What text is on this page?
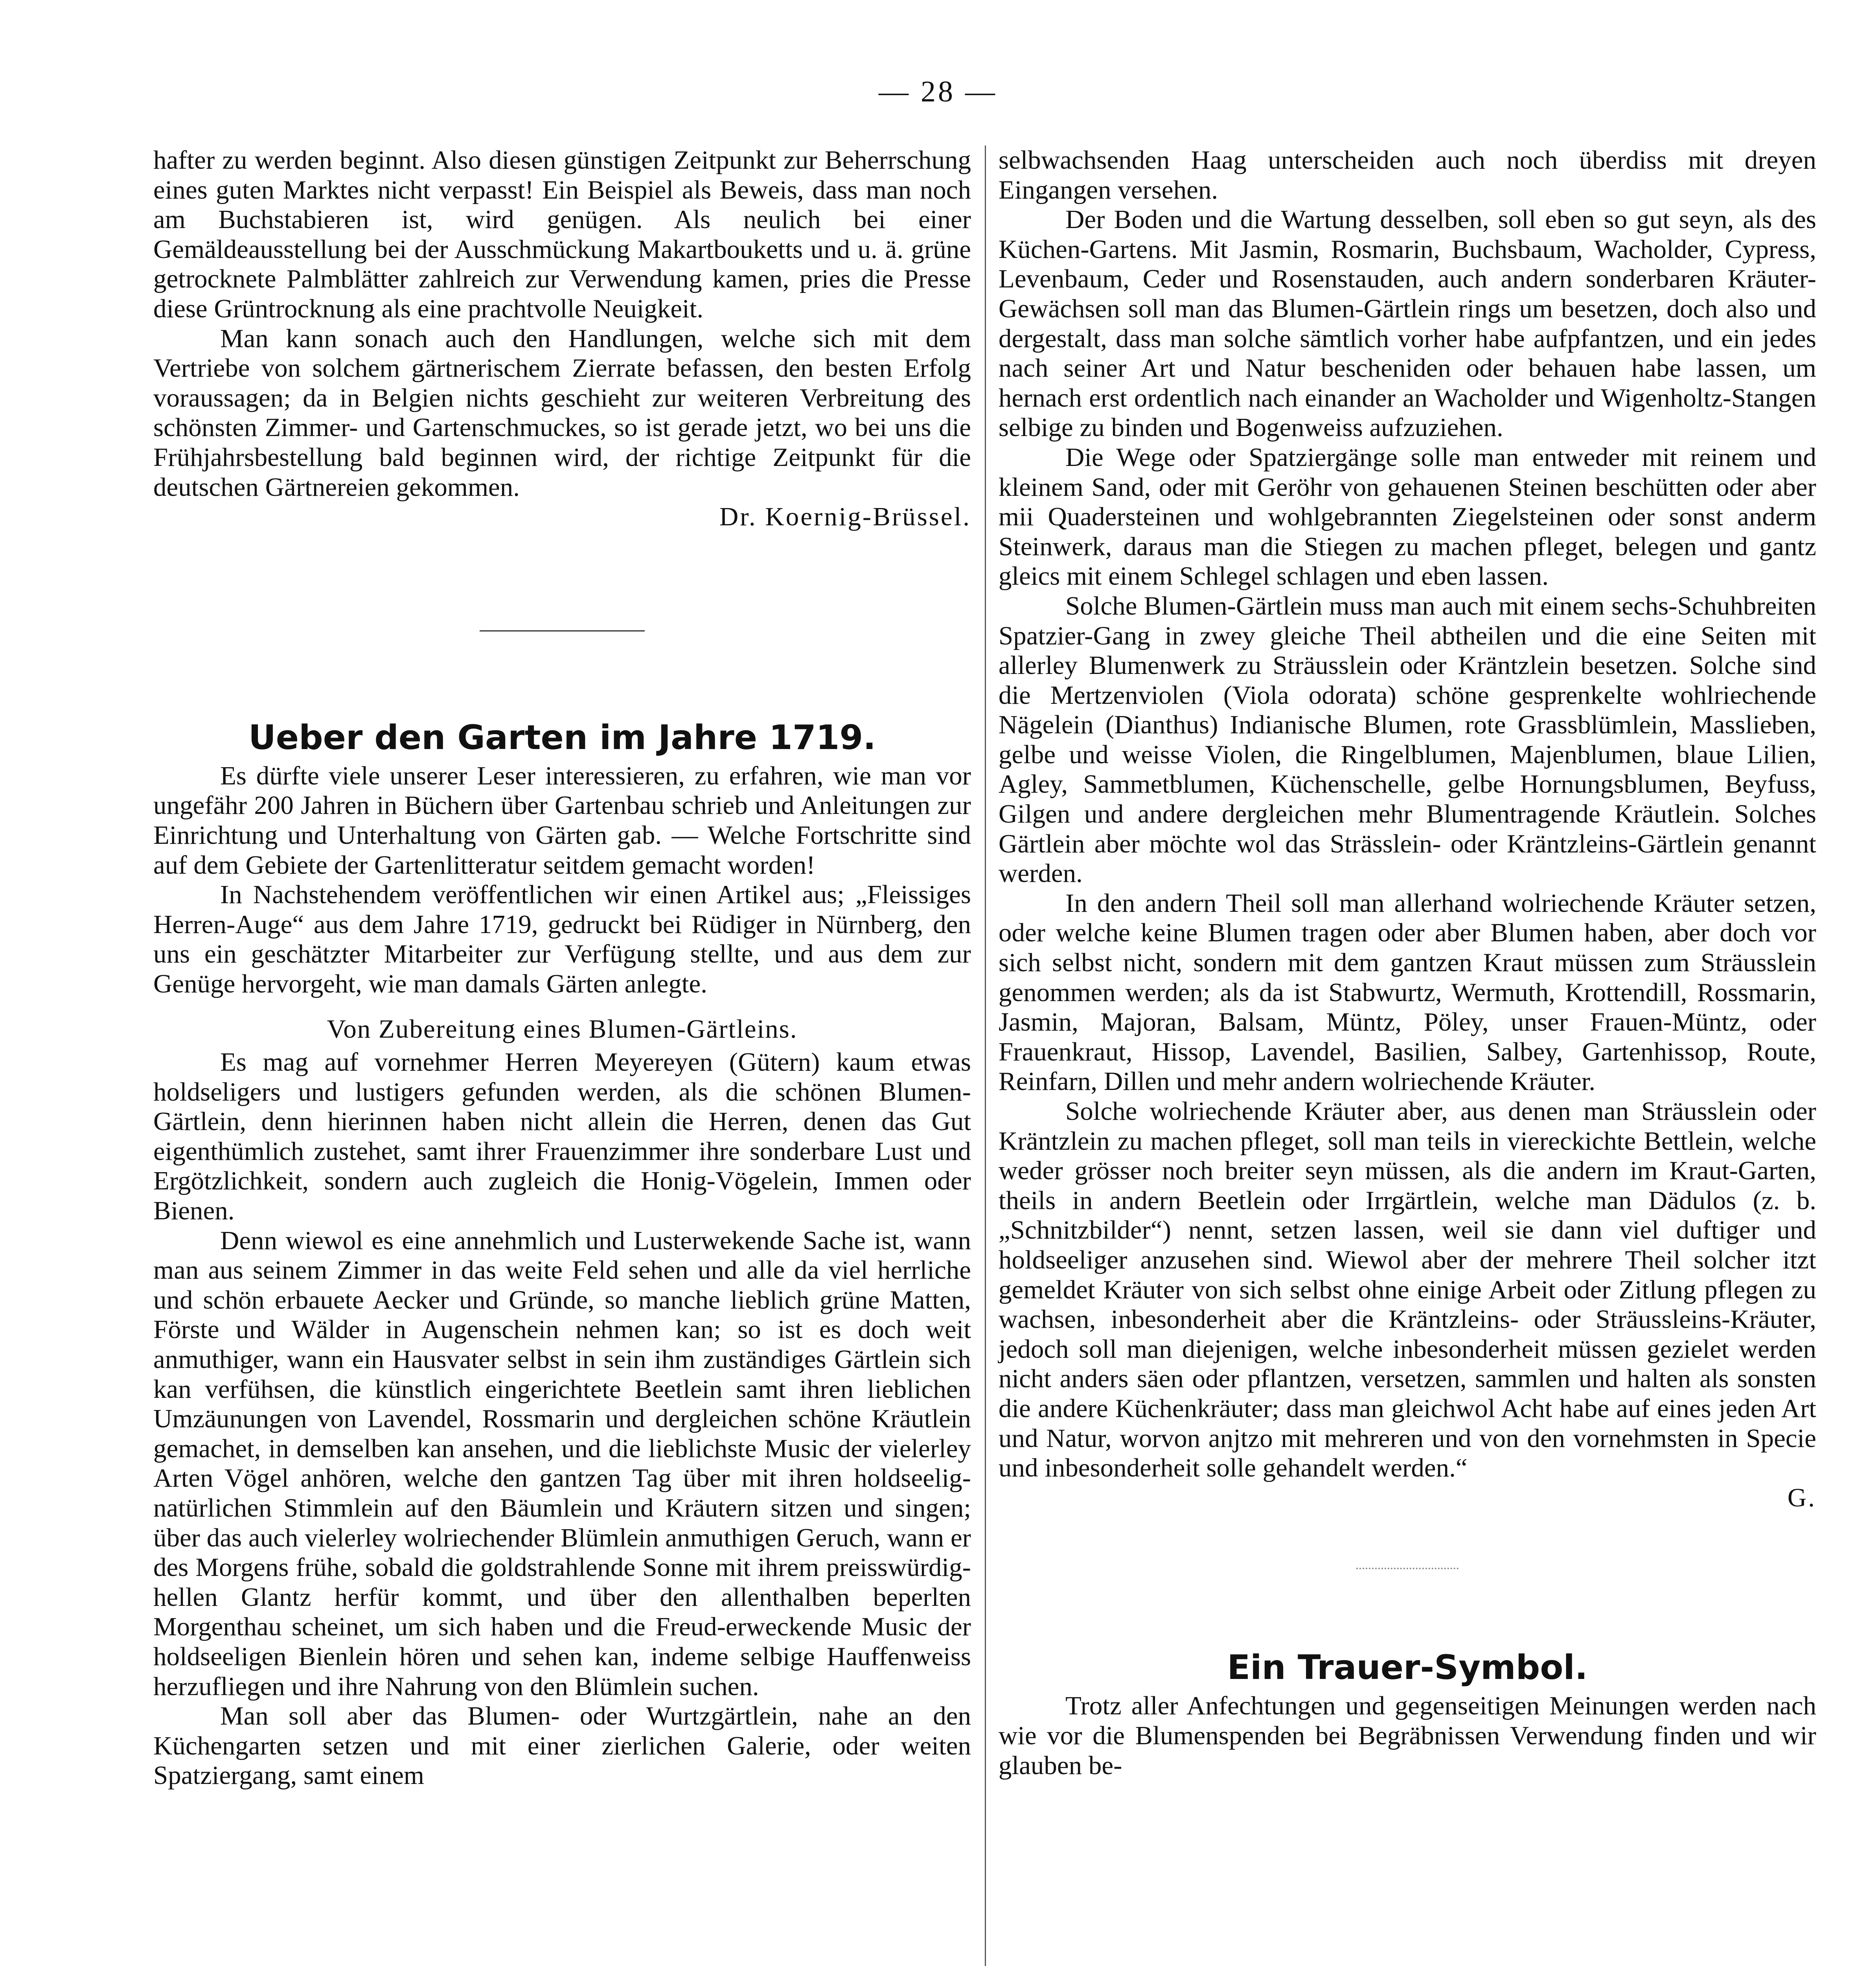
— 28 —

hafter zu werden beginnt. Also diesen günstigen Zeitpunkt zur Beherrschung eines guten Marktes nicht verpasst! Ein Beispiel als Beweis, dass man noch am Buchstabieren ist, wird genügen. Als neulich bei einer Gemäldeausstellung bei der Ausschmückung Makartbouketts und u. ä. grüne getrocknete Palmblätter zahlreich zur Verwendung kamen, pries die Presse diese Grüntrocknung als eine prachtvolle Neuigkeit.

Man kann sonach auch den Handlungen, welche sich mit dem Vertriebe von solchem gärtnerischem Zierrate befassen, den besten Erfolg voraussagen; da in Belgien nichts geschieht zur weiteren Verbreitung des schönsten Zimmer- und Gartenschmuckes, so ist gerade jetzt, wo bei uns die Frühjahrsbestellung bald beginnen wird, der richtige Zeitpunkt für die deutschen Gärtnereien gekommen.

Dr. Koernig-Brüssel.

Ueber den Garten im Jahre 1719.

Es dürfte viele unserer Leser interessieren, zu erfahren, wie man vor ungefähr 200 Jahren in Büchern über Gartenbau schrieb und Anleitungen zur Einrichtung und Unterhaltung von Gärten gab. — Welche Fortschritte sind auf dem Gebiete der Gartenlitteratur seitdem gemacht worden!

In Nachstehendem veröffentlichen wir einen Artikel aus; „Fleissiges Herren-Auge“ aus dem Jahre 1719, gedruckt bei Rüdiger in Nürnberg, den uns ein geschätzter Mitarbeiter zur Verfügung stellte, und aus dem zur Genüge hervorgeht, wie man damals Gärten anlegte.

Von Zubereitung eines Blumen-Gärtleins.

Es mag auf vornehmer Herren Meyereyen (Gütern) kaum etwas holdseligers und lustigers gefunden werden, als die schönen Blumen-Gärtlein, denn hierinnen haben nicht allein die Herren, denen das Gut eigenthümlich zustehet, samt ihrer Frauenzimmer ihre sonderbare Lust und Ergötzlichkeit, sondern auch zugleich die Honig-Vögelein, Immen oder Bienen.

Denn wiewol es eine annehmlich und Lusterwekende Sache ist, wann man aus seinem Zimmer in das weite Feld sehen und alle da viel herrliche und schön erbauete Aecker und Gründe, so manche lieblich grüne Matten, Förste und Wälder in Augenschein nehmen kan; so ist es doch weit anmuthiger, wann ein Hausvater selbst in sein ihm zuständiges Gärtlein sich kan verfühsen, die künstlich eingerichtete Beetlein samt ihren lieblichen Umzäunungen von Lavendel, Rossmarin und dergleichen schöne Kräutlein gemachet, in demselben kan ansehen, und die lieblichste Music der vielerley Arten Vögel anhören, welche den gantzen Tag über mit ihren holdseelig-natürlichen Stimmlein auf den Bäumlein und Kräutern sitzen und singen; über das auch vielerley wolriechender Blümlein anmuthigen Geruch, wann er des Morgens frühe, sobald die goldstrahlende Sonne mit ihrem preisswürdig-hellen Glantz herfür kommt, und über den allenthalben beperlten Morgenthau scheinet, um sich haben und die Freud-erweckende Music der holdseeligen Bienlein hören und sehen kan, indeme selbige Hauffenweiss herzufliegen und ihre Nahrung von den Blümlein suchen.

Man soll aber das Blumen- oder Wurtzgärtlein, nahe an den Küchengarten setzen und mit einer zierlichen Galerie, oder weiten Spatziergang, samt einem

selbwachsenden Haag unterscheiden auch noch überdiss mit dreyen Eingangen versehen.

Der Boden und die Wartung desselben, soll eben so gut seyn, als des Küchen-Gartens. Mit Jasmin, Rosmarin, Buchsbaum, Wacholder, Cypress, Levenbaum, Ceder und Rosenstauden, auch andern sonderbaren Kräuter-Gewächsen soll man das Blumen-Gärtlein rings um besetzen, doch also und dergestalt, dass man solche sämtlich vorher habe aufpfantzen, und ein jedes nach seiner Art und Natur bescheniden oder behauen habe lassen, um hernach erst ordentlich nach einander an Wacholder und Wigenholtz-Stangen selbige zu binden und Bogenweiss aufzuziehen.

Die Wege oder Spatziergänge solle man entweder mit reinem und kleinem Sand, oder mit Geröhr von gehauenen Steinen beschütten oder aber mii Quadersteinen und wohlgebrannten Ziegelsteinen oder sonst anderm Steinwerk, daraus man die Stiegen zu machen pfleget, belegen und gantz gleics mit einem Schlegel schlagen und eben lassen.

Solche Blumen-Gärtlein muss man auch mit einem sechs-Schuhbreiten Spatzier-Gang in zwey gleiche Theil abtheilen und die eine Seiten mit allerley Blumenwerk zu Sträusslein oder Kräntzlein besetzen. Solche sind die Mertzenviolen (Viola odorata) schöne gesprenkelte wohlriechende Nägelein (Dianthus) Indianische Blumen, rote Grassblümlein, Masslieben, gelbe und weisse Violen, die Ringelblumen, Majenblumen, blaue Lilien, Agley, Sammetblumen, Küchenschelle, gelbe Hornungsblumen, Beyfuss, Gilgen und andere dergleichen mehr Blumentragende Kräutlein. Solches Gärtlein aber möchte wol das Strässlein- oder Kräntzleins-Gärtlein genannt werden.

In den andern Theil soll man allerhand wolriechende Kräuter setzen, oder welche keine Blumen tragen oder aber Blumen haben, aber doch vor sich selbst nicht, sondern mit dem gantzen Kraut müssen zum Sträusslein genommen werden; als da ist Stabwurtz, Wermuth, Krottendill, Rossmarin, Jasmin, Majoran, Balsam, Müntz, Pöley, unser Frauen-Müntz, oder Frauenkraut, Hissop, Lavendel, Basilien, Salbey, Gartenhissop, Route, Reinfarn, Dillen und mehr andern wolriechende Kräuter.

Solche wolriechende Kräuter aber, aus denen man Sträusslein oder Kräntzlein zu machen pfleget, soll man teils in viereckichte Bettlein, welche weder grösser noch breiter seyn müssen, als die andern im Kraut-Garten, theils in andern Beetlein oder Irrgärtlein, welche man Dädulos (z. b. „Schnitzbilder“) nennt, setzen lassen, weil sie dann viel duftiger und holdseeliger anzusehen sind. Wiewol aber der mehrere Theil solcher itzt gemeldet Kräuter von sich selbst ohne einige Arbeit oder Zitlung pflegen zu wachsen, inbesonderheit aber die Kräntzleins- oder Sträussleins-Kräuter, jedoch soll man diejenigen, welche inbesonderheit müssen gezielet werden nicht anders säen oder pflantzen, versetzen, sammlen und halten als sonsten die andere Küchenkräuter; dass man gleichwol Acht habe auf eines jeden Art und Natur, worvon anjtzo mit mehreren und von den vornehmsten in Specie und inbesonderheit solle gehandelt werden.“

G.

Ein Trauer-Symbol.

Trotz aller Anfechtungen und gegenseitigen Meinungen werden nach wie vor die Blumenspenden bei Begräbnissen Verwendung finden und wir glauben be-
